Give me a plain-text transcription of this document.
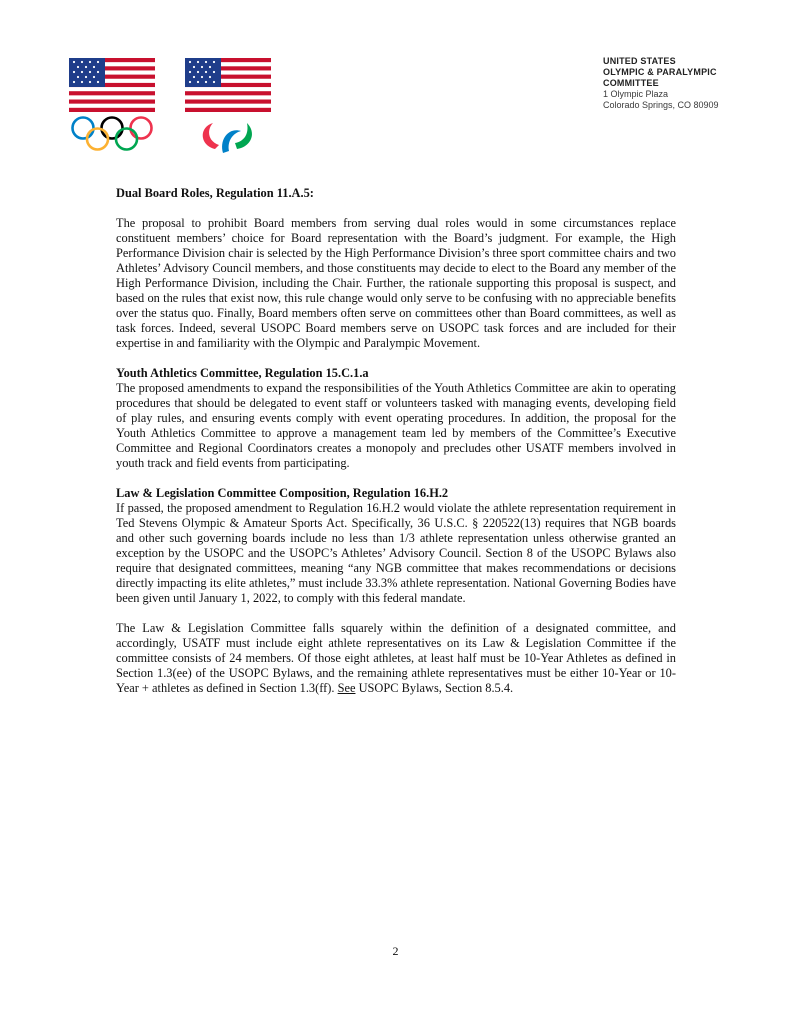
UNITED STATES
OLYMPIC & PARALYMPIC
COMMITTEE
1 Olympic Plaza
Colorado Springs, CO 80909
Dual Board Roles, Regulation 11.A.5:

The proposal to prohibit Board members from serving dual roles would in some circumstances replace constituent members’ choice for Board representation with the Board’s judgment. For example, the High Performance Division chair is selected by the High Performance Division’s three sport committee chairs and two Athletes’ Advisory Council members, and those constituents may decide to elect to the Board any member of the High Performance Division, including the Chair. Further, the rationale supporting this proposal is suspect, and based on the rules that exist now, this rule change would only serve to be confusing with no appreciable benefits over the status quo. Finally, Board members often serve on committees other than Board committees, as well as task forces. Indeed, several USOPC Board members serve on USOPC task forces and are included for their expertise in and familiarity with the Olympic and Paralympic Movement.

Youth Athletics Committee, Regulation 15.C.1.a

The proposed amendments to expand the responsibilities of the Youth Athletics Committee are akin to operating procedures that should be delegated to event staff or volunteers tasked with managing events, developing field of play rules, and ensuring events comply with event operating procedures. In addition, the proposal for the Youth Athletics Committee to approve a management team led by members of the Committee’s Executive Committee and Regional Coordinators creates a monopoly and precludes other USATF members involved in youth track and field events from participating.

Law & Legislation Committee Composition, Regulation 16.H.2

If passed, the proposed amendment to Regulation 16.H.2 would violate the athlete representation requirement in Ted Stevens Olympic & Amateur Sports Act. Specifically, 36 U.S.C. § 220522(13) requires that NGB boards and other such governing boards include no less than 1/3 athlete representation unless otherwise granted an exception by the USOPC and the USOPC’s Athletes’ Advisory Council. Section 8 of the USOPC Bylaws also require that designated committees, meaning “any NGB committee that makes recommendations or decisions directly impacting its elite athletes,” must include 33.3% athlete representation. National Governing Bodies have been given until January 1, 2022, to comply with this federal mandate.

The Law & Legislation Committee falls squarely within the definition of a designated committee, and accordingly, USATF must include eight athlete representatives on its Law & Legislation Committee if the committee consists of 24 members. Of those eight athletes, at least half must be 10-Year Athletes as defined in Section 1.3(ee) of the USOPC Bylaws, and the remaining athlete representatives must be either 10-Year or 10-Year + athletes as defined in Section 1.3(ff). See USOPC Bylaws, Section 8.5.4.

2
